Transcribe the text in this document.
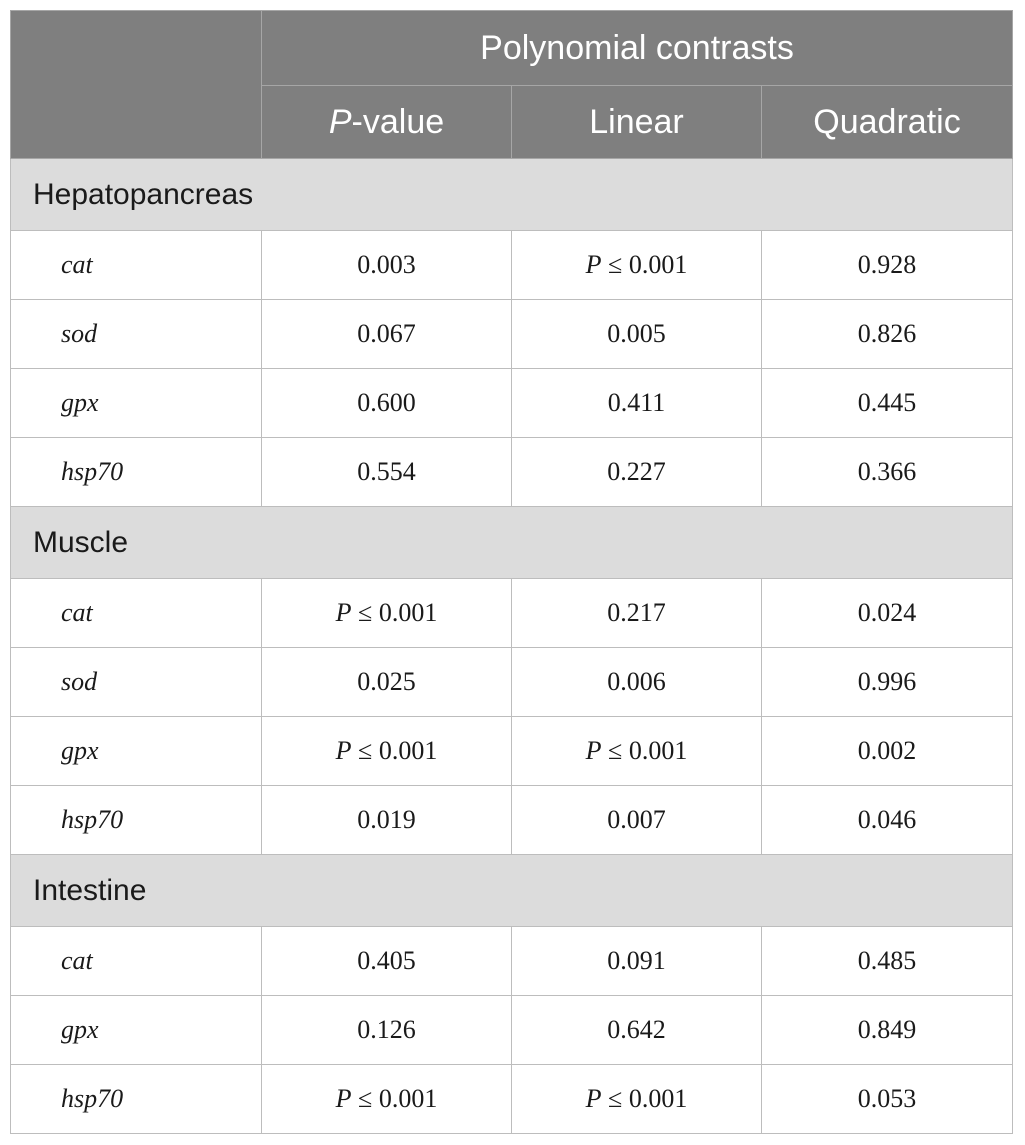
	Polynomial contrasts		
	P-value	Linear	Quadratic
Hepatopancreas			
cat	0.003	P ≤ 0.001	0.928
sod	0.067	0.005	0.826
gpx	0.600	0.411	0.445
hsp70	0.554	0.227	0.366
Muscle			
cat	P ≤ 0.001	0.217	0.024
sod	0.025	0.006	0.996
gpx	P ≤ 0.001	P ≤ 0.001	0.002
hsp70	0.019	0.007	0.046
Intestine			
cat	0.405	0.091	0.485
gpx	0.126	0.642	0.849
hsp70	P ≤ 0.001	P ≤ 0.001	0.053
